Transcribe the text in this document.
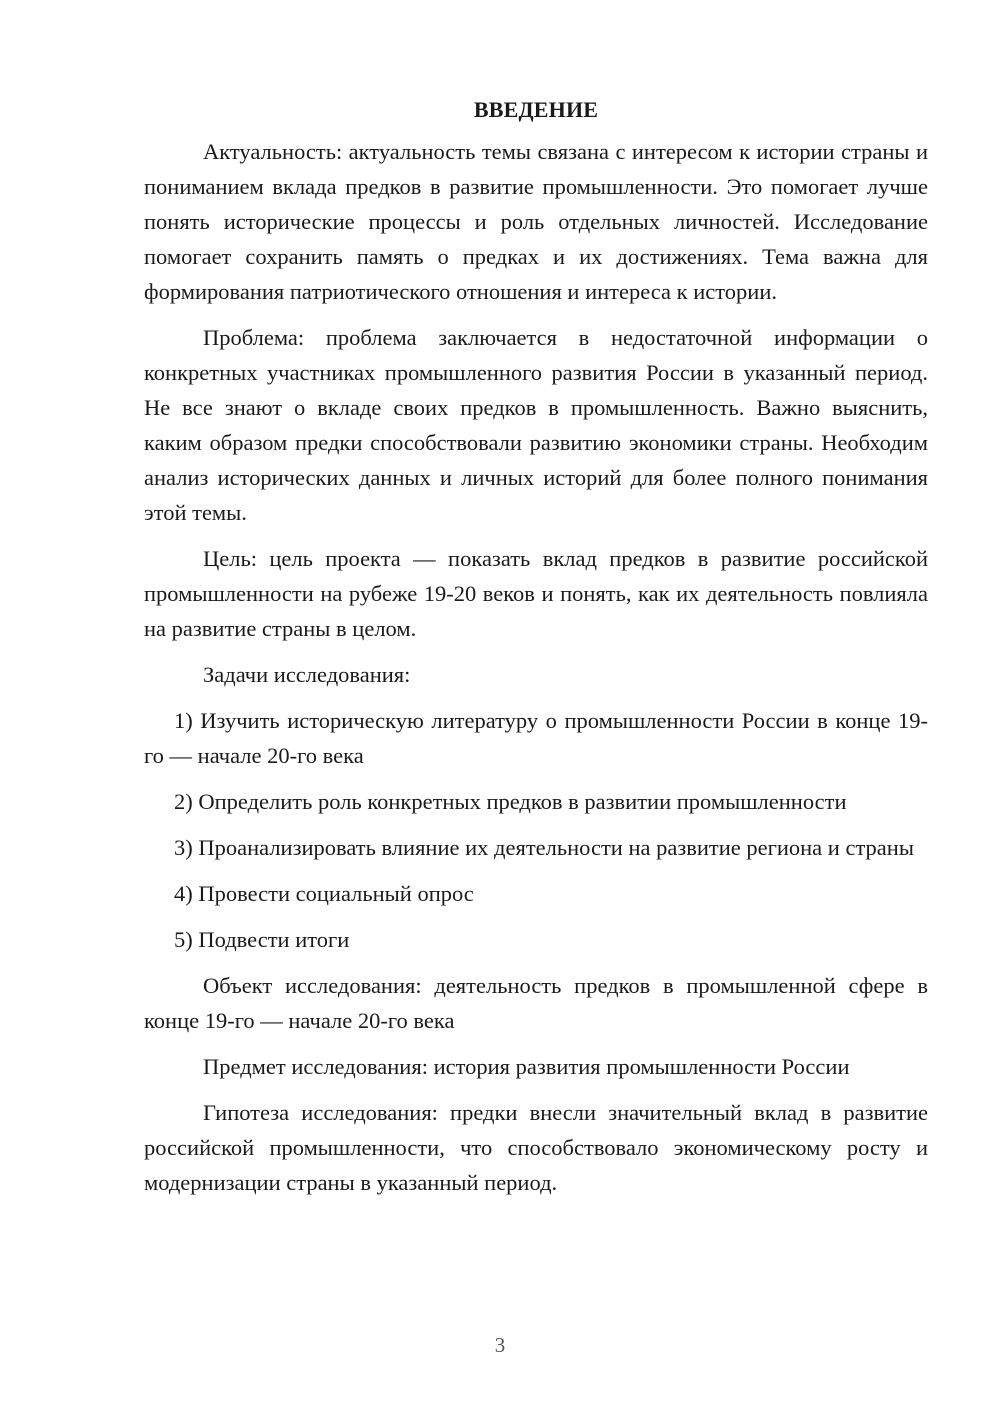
ВВЕДЕНИЕ

Актуальность: актуальность темы связана с интересом к истории страны и пониманием вклада предков в развитие промышленности. Это помогает лучше понять исторические процессы и роль отдельных личностей. Исследование помогает сохранить память о предках и их достижениях. Тема важна для формирования патриотического отношения и интереса к истории.

Проблема: проблема заключается в недостаточной информации о конкретных участниках промышленного развития России в указанный период. Не все знают о вкладе своих предков в промышленность. Важно выяснить, каким образом предки способствовали развитию экономики страны. Необходим анализ исторических данных и личных историй для более полного понимания этой темы.

Цель: цель проекта — показать вклад предков в развитие российской промышленности на рубеже 19-20 веков и понять, как их деятельность повлияла на развитие страны в целом.

Задачи исследования:

1) Изучить историческую литературу о промышленности России в конце 19-го — начале 20-го века

2) Определить роль конкретных предков в развитии промышленности

3) Проанализировать влияние их деятельности на развитие региона и страны

4) Провести социальный опрос

5) Подвести итоги

Объект исследования: деятельность предков в промышленной сфере в конце 19-го — начале 20-го века

Предмет исследования: история развития промышленности России

Гипотеза исследования: предки внесли значительный вклад в развитие российской промышленности, что способствовало экономическому росту и модернизации страны в указанный период.

3
